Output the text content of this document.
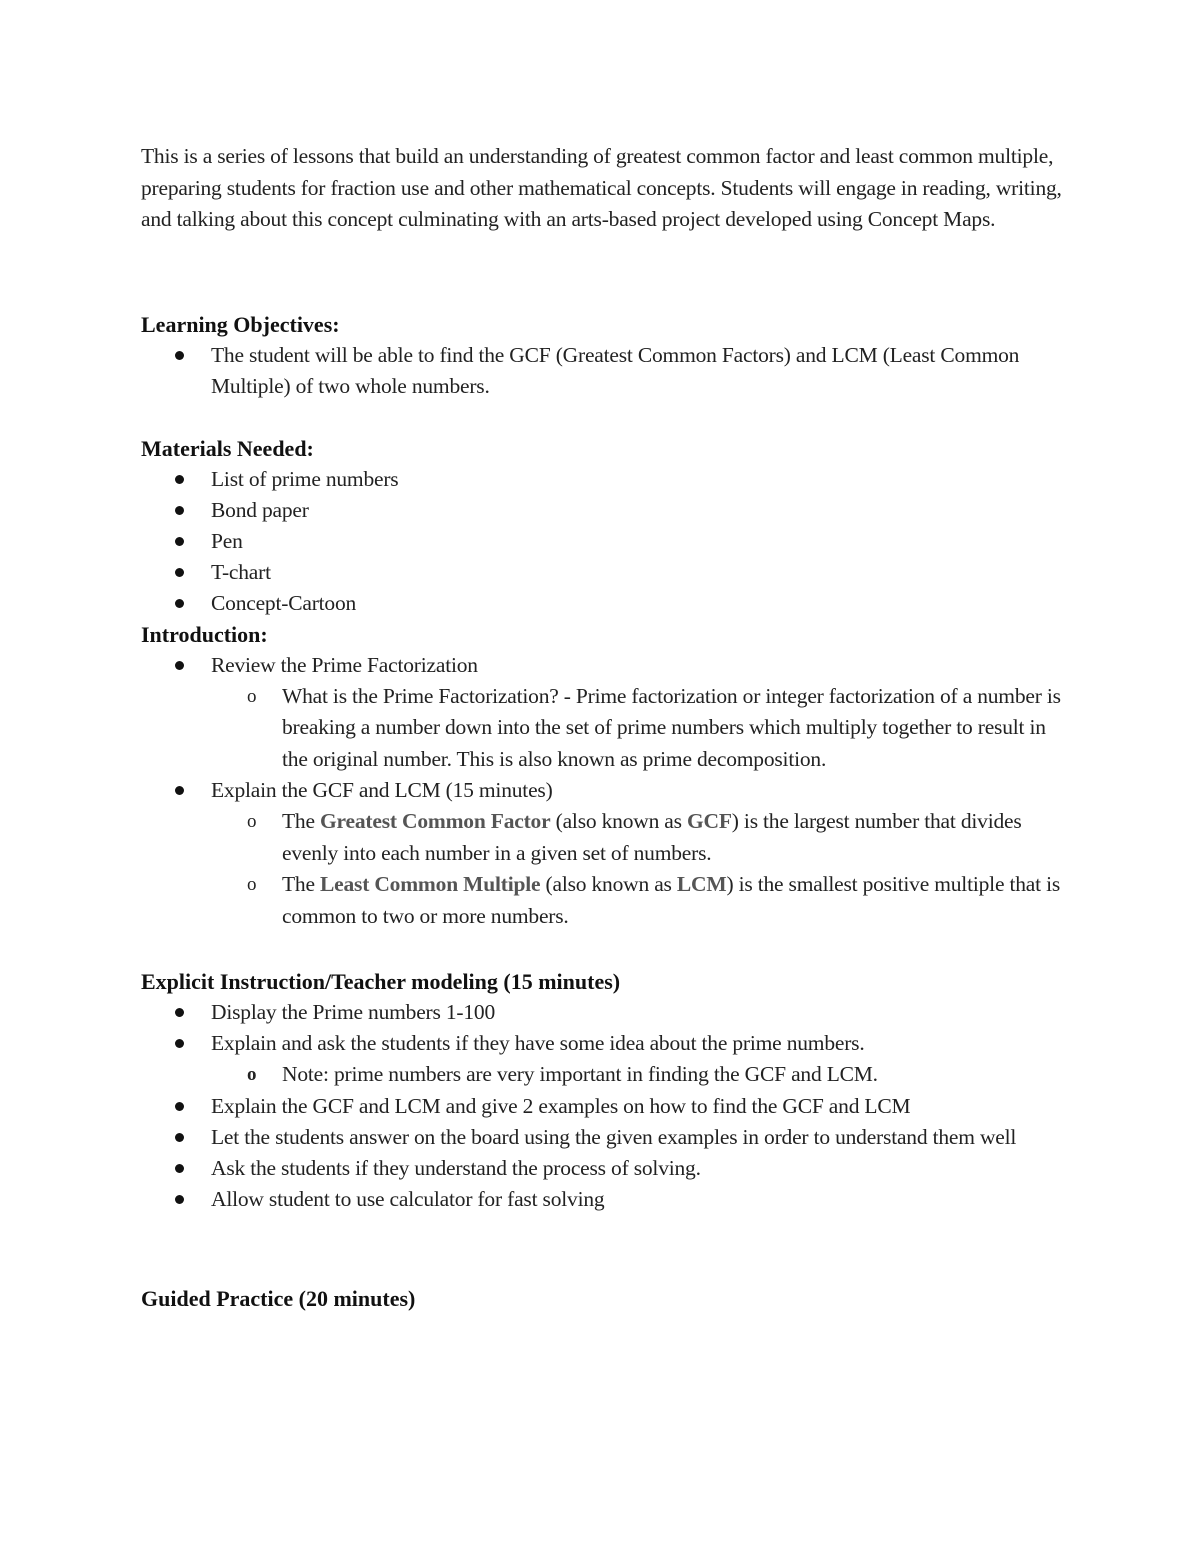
This is a series of lessons that build an understanding of greatest common factor and least common multiple, preparing students for fraction use and other mathematical concepts. Students will engage in reading, writing, and talking about this concept culminating with an arts-based project developed using Concept Maps.

Learning Objectives:

The student will be able to find the GCF (Greatest Common Factors) and LCM (Least Common Multiple) of two whole numbers.

Materials Needed:

List of prime numbers
Bond paper
Pen
T-chart
Concept-Cartoon

Introduction:

Review the Prime Factorization
o What is the Prime Factorization? - Prime factorization or integer factorization of a number is breaking a number down into the set of prime numbers which multiply together to result in the original number. This is also known as prime decomposition.
Explain the GCF and LCM (15 minutes)
o The Greatest Common Factor (also known as GCF) is the largest number that divides evenly into each number in a given set of numbers.
o The Least Common Multiple (also known as LCM) is the smallest positive multiple that is common to two or more numbers.

Explicit Instruction/Teacher modeling (15 minutes)

Display the Prime numbers 1-100
Explain and ask the students if they have some idea about the prime numbers.
o Note: prime numbers are very important in finding the GCF and LCM.
Explain the GCF and LCM and give 2 examples on how to find the GCF and LCM
Let the students answer on the board using the given examples in order to understand them well
Ask the students if they understand the process of solving.
Allow student to use calculator for fast solving

Guided Practice (20 minutes)
